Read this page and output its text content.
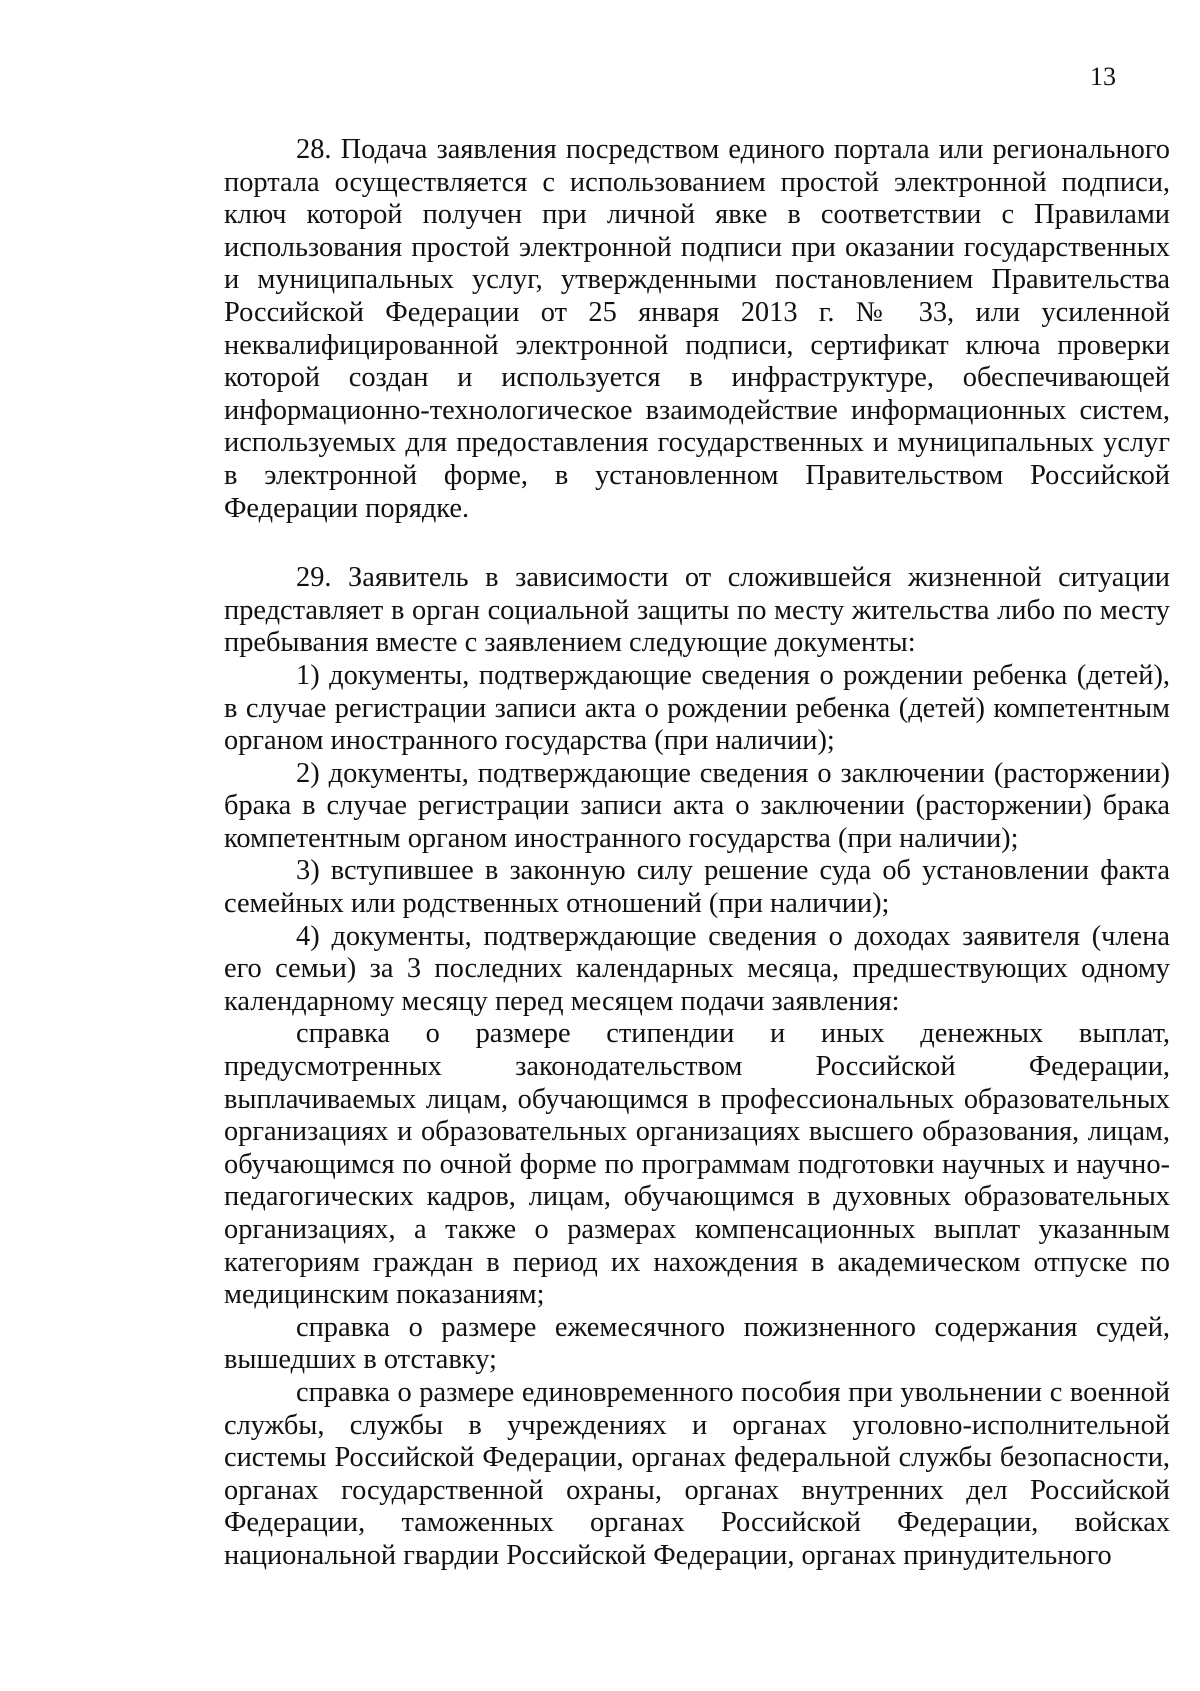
13

28. Подача заявления посредством единого портала или регионального портала осуществляется с использованием простой электронной подписи, ключ которой получен при личной явке в соответствии с Правилами использования простой электронной подписи при оказании государственных и муниципальных услуг, утвержденными постановлением Правительства Российской Федерации от 25 января 2013 г. № 33, или усиленной неквалифицированной электронной подписи, сертификат ключа проверки которой создан и используется в инфраструктуре, обеспечивающей информационно-технологическое взаимодействие информационных систем, используемых для предоставления государственных и муниципальных услуг в электронной форме, в установленном Правительством Российской Федерации порядке.

29. Заявитель в зависимости от сложившейся жизненной ситуации представляет в орган социальной защиты по месту жительства либо по месту пребывания вместе с заявлением следующие документы:

1) документы, подтверждающие сведения о рождении ребенка (детей), в случае регистрации записи акта о рождении ребенка (детей) компетентным органом иностранного государства (при наличии);

2) документы, подтверждающие сведения о заключении (расторжении) брака в случае регистрации записи акта о заключении (расторжении) брака компетентным органом иностранного государства (при наличии);

3) вступившее в законную силу решение суда об установлении факта семейных или родственных отношений (при наличии);

4) документы, подтверждающие сведения о доходах заявителя (члена его семьи) за 3 последних календарных месяца, предшествующих одному календарному месяцу перед месяцем подачи заявления:

справка о размере стипендии и иных денежных выплат, предусмотренных законодательством Российской Федерации, выплачиваемых лицам, обучающимся в профессиональных образовательных организациях и образовательных организациях высшего образования, лицам, обучающимся по очной форме по программам подготовки научных и научно-педагогических кадров, лицам, обучающимся в духовных образовательных организациях, а также о размерах компенсационных выплат указанным категориям граждан в период их нахождения в академическом отпуске по медицинским показаниям;

справка о размере ежемесячного пожизненного содержания судей, вышедших в отставку;

справка о размере единовременного пособия при увольнении с военной службы, службы в учреждениях и органах уголовно-исполнительной системы Российской Федерации, органах федеральной службы безопасности, органах государственной охраны, органах внутренних дел Российской Федерации, таможенных органах Российской Федерации, войсках национальной гвардии Российской Федерации, органах принудительного
